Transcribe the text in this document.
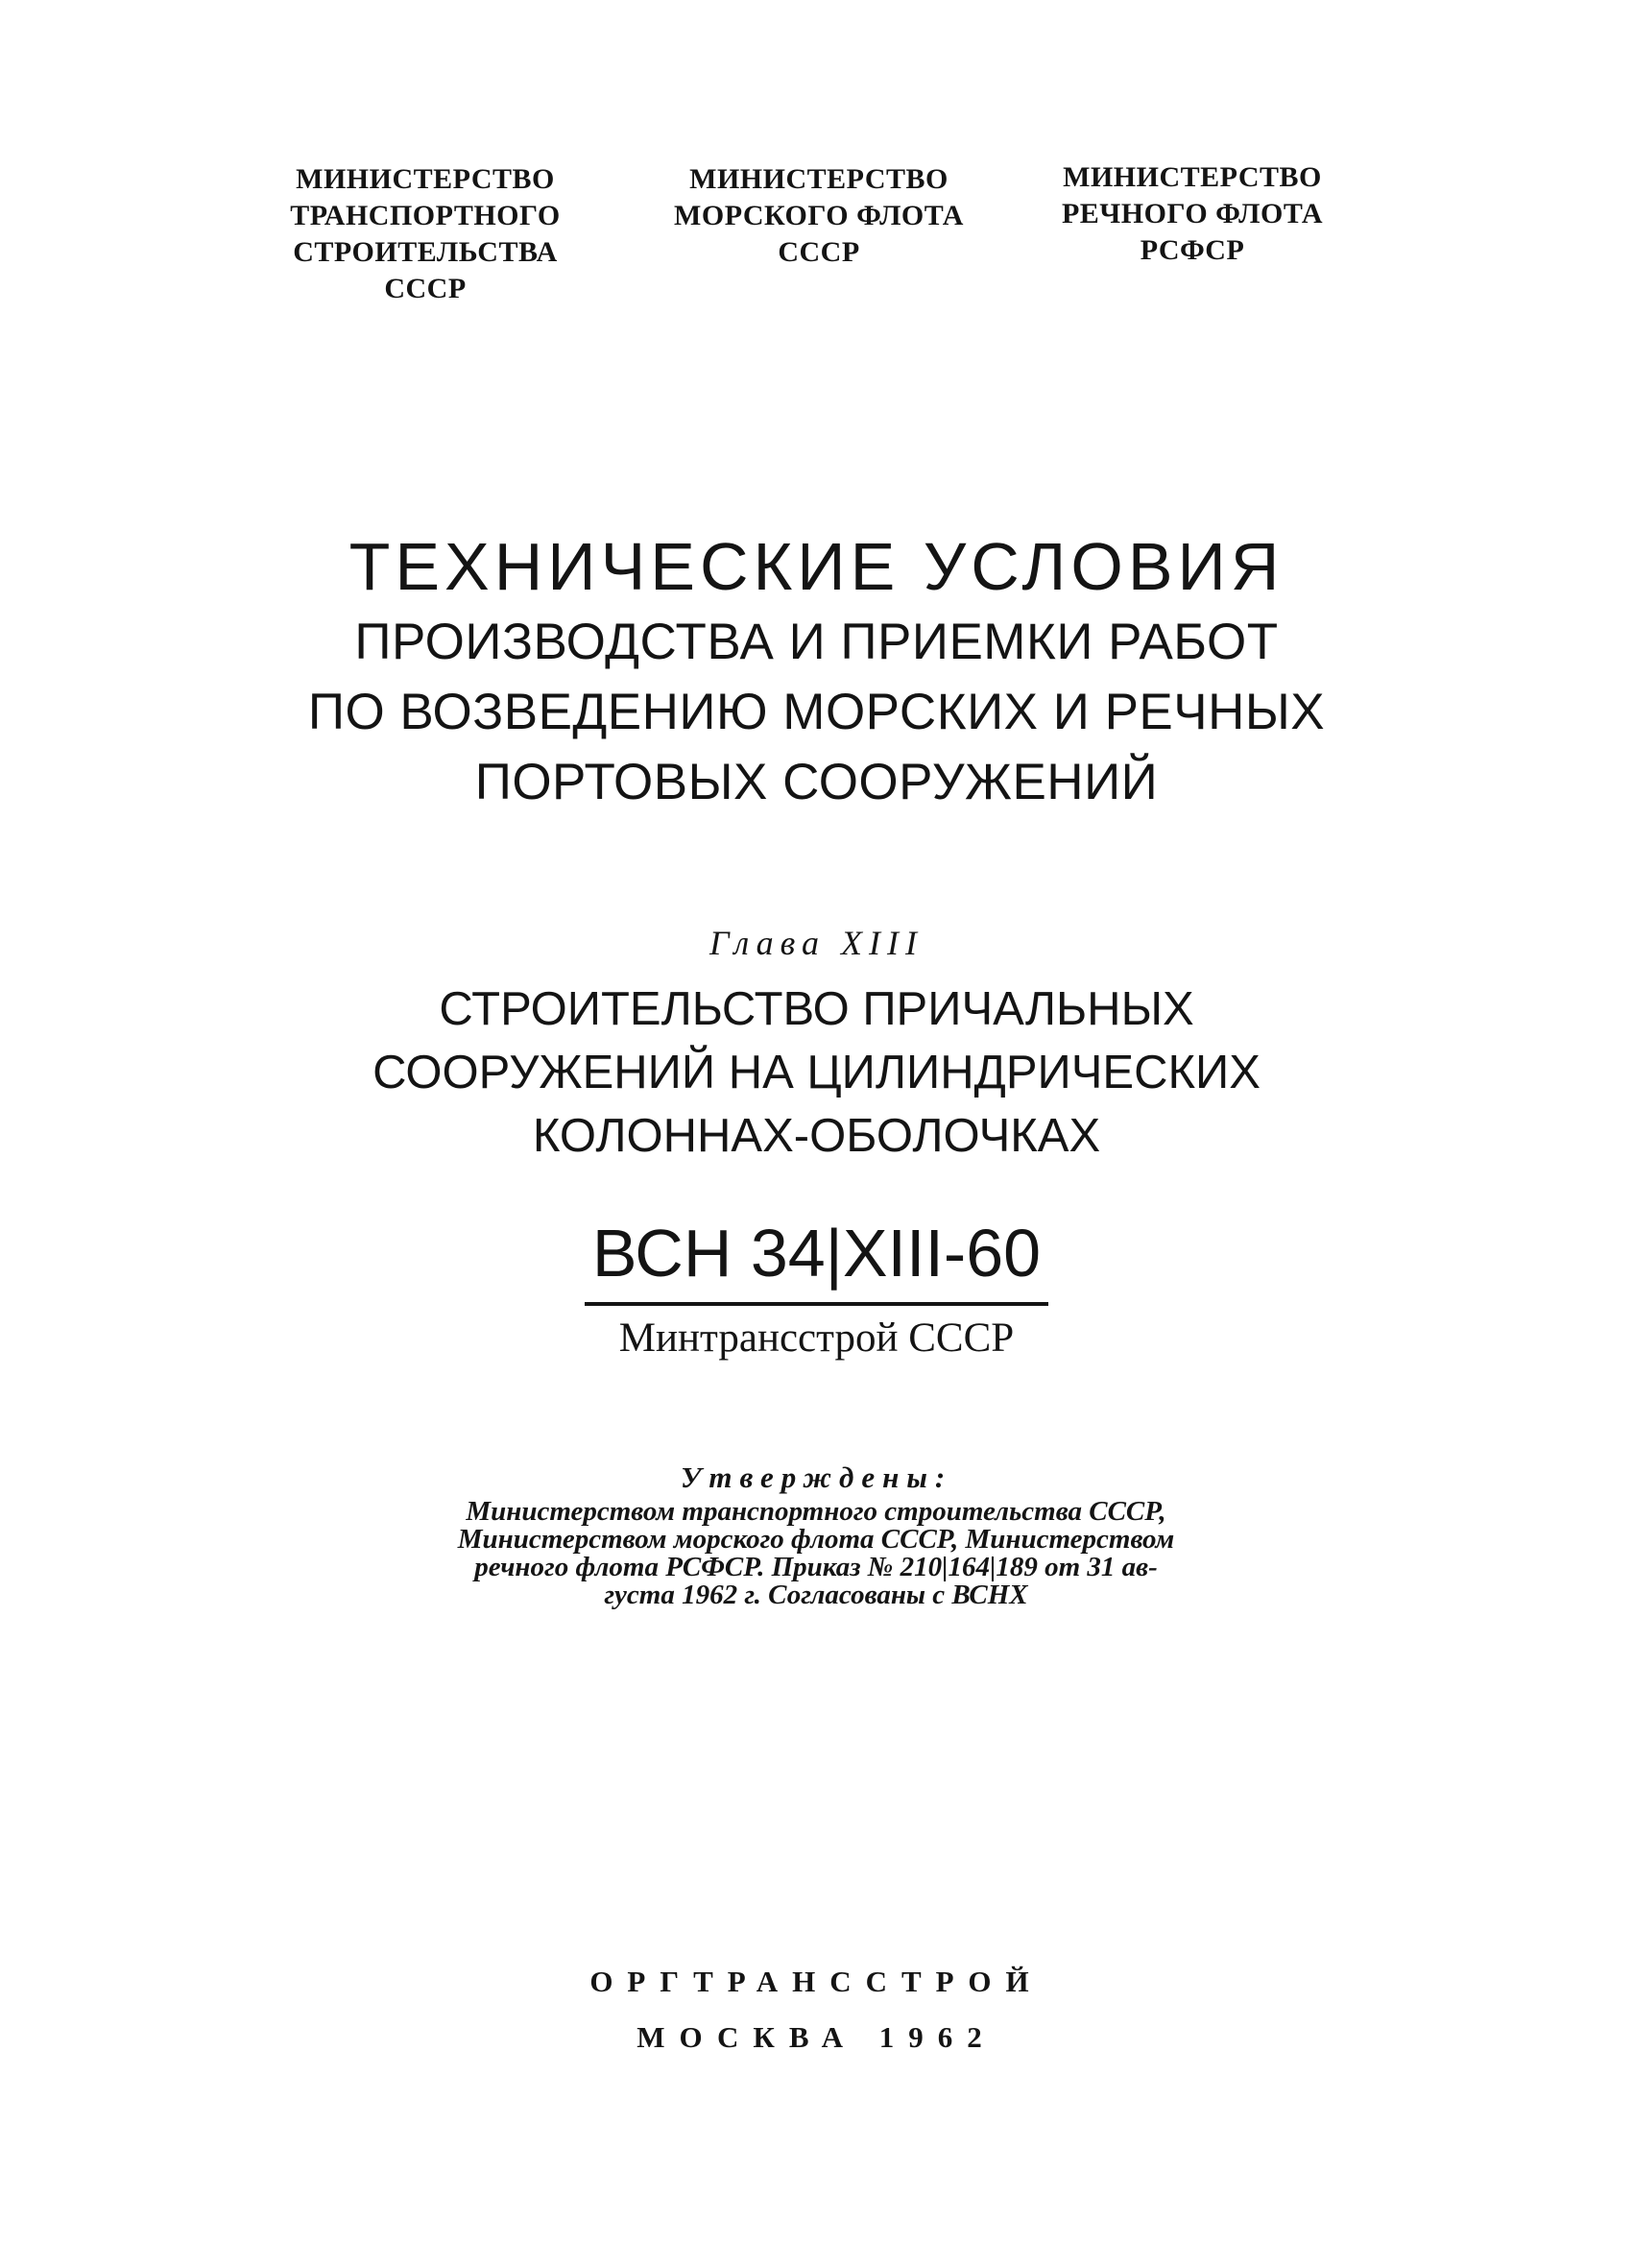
МИНИСТЕРСТВО
ТРАНСПОРТНОГО
СТРОИТЕЛЬСТВА
СССР
МИНИСТЕРСТВО
МОРСКОГО ФЛОТА
СССР
МИНИСТЕРСТВО
РЕЧНОГО ФЛОТА
РСФСР
ТЕХНИЧЕСКИЕ УСЛОВИЯ
ПРОИЗВОДСТВА И ПРИЕМКИ РАБОТ
ПО ВОЗВЕДЕНИЮ МОРСКИХ И РЕЧНЫХ
ПОРТОВЫХ СООРУЖЕНИЙ
Глава XIII
СТРОИТЕЛЬСТВО ПРИЧАЛЬНЫХ
СООРУЖЕНИЙ НА ЦИЛИНДРИЧЕСКИХ
КОЛОННАХ-ОБОЛОЧКАХ
ВСН 34|XIII-60
Минтрансстрой СССР
Утверждены:
Министерством транспортного строительства СССР,
Министерством морского флота СССР, Министерством
речного флота РСФСР. Приказ № 210|164|189 от 31 ав-
густа 1962 г. Согласованы с ВСНХ
ОРГТРАНССТРОЙ
МОСКВА 1962
